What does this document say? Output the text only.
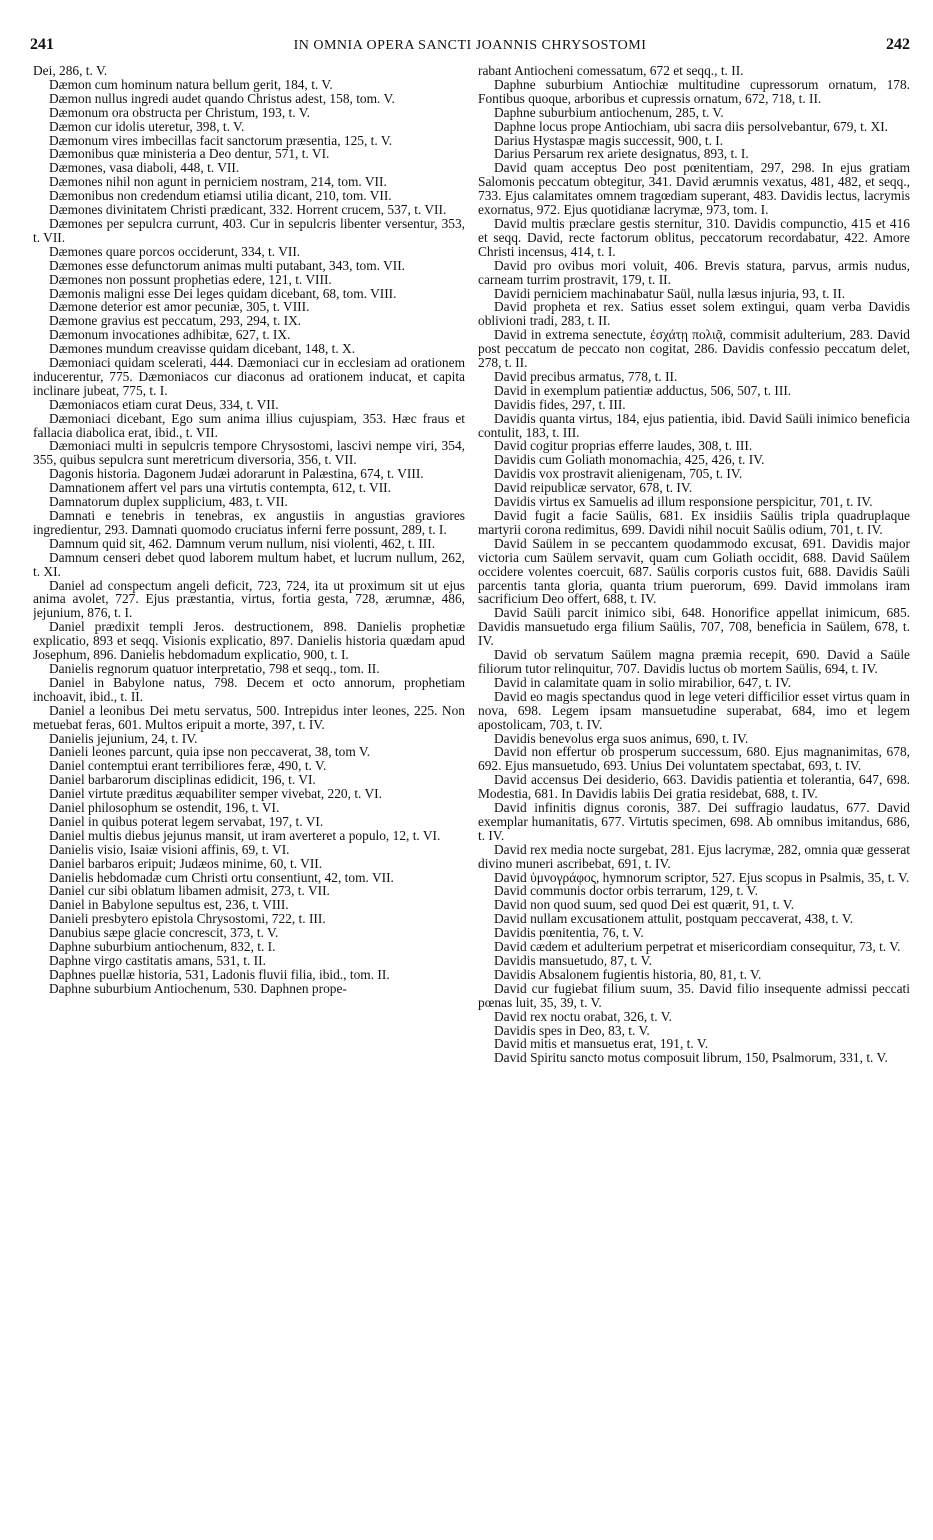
241	IN OMNIA OPERA SANCTI JOANNIS CHRYSOSTOMI	242

Dei, 286, t. V.

Dæmon cum hominum natura bellum gerit, 184, t. V.

Dæmon nullus ingredi audet quando Christus adest, 158, tom. V.

Dæmonum ora obstructa per Christum, 193, t. V.

Dæmon cur idolis uteretur, 398, t. V.

Dæmonum vires imbecillas facit sanctorum præsentia, 125, t. V.

Dæmonibus quæ ministeria a Deo dentur, 571, t. VI.

Dæmones, vasa diaboli, 448, t. VII.

Dæmones nihil non agunt in perniciem nostram, 214, tom. VII.

Dæmonibus non credendum etiamsi utilia dicant, 210, tom. VII.

Dæmones divinitatem Christi prædicant, 332. Horrent crucem, 537, t. VII.

Dæmones per sepulcra currunt, 403. Cur in sepulcris libenter versentur, 353, t. VII.

Dæmones quare porcos occiderunt, 334, t. VII.

Dæmones esse defunctorum animas multi putabant, 343, tom. VII.

Dæmones non possunt prophetias edere, 121, t. VIII.

Dæmonis maligni esse Dei leges quidam dicebant, 68, tom. VIII.

Dæmone deterior est amor pecuniæ, 305, t. VIII.

Dæmone gravius est peccatum, 293, 294, t. IX.

Dæmonum invocationes adhibitæ, 627, t. IX.

Dæmones mundum creavisse quidam dicebant, 148, t. X.

Dæmoniaci quidam scelerati, 444. Dæmoniaci cur in ecclesiam ad orationem inducerentur, 775. Dæmoniacos cur diaconus ad orationem inducat, et capita inclinare jubeat, 775, t. I.

Dæmoniacos etiam curat Deus, 334, t. VII.

Dæmoniaci dicebant, Ego sum anima illius cujuspiam, 353. Hæc fraus et fallacia diabolica erat, ibid., t. VII.

Dæmoniaci multi in sepulcris tempore Chrysostomi, lascivi nempe viri, 354, 355, quibus sepulcra sunt meretricum diversoria, 356, t. VII.

Dagonis historia. Dagonem Judæi adorarunt in Palæstina, 674, t. VIII.

Damnationem affert vel pars una virtutis contempta, 612, t. VII.

Damnatorum duplex supplicium, 483, t. VII.

Damnati e tenebris in tenebras, ex angustiis in angustias graviores ingredientur, 293. Damnati quomodo cruciatus inferni ferre possunt, 289, t. I.

Damnum quid sit, 462. Damnum verum nullum, nisi violenti, 462, t. III.

Damnum censeri debet quod laborem multum habet, et lucrum nullum, 262, t. XI.

Daniel ad conspectum angeli deficit, 723, 724, ita ut proximum sit ut ejus anima avolet, 727. Ejus præstantia, virtus, fortia gesta, 728, ærumnæ, 486, jejunium, 876, t. I.

Daniel prædixit templi Jeros. destructionem, 898. Danielis prophetiæ explicatio, 893 et seqq. Visionis explicatio, 897. Danielis historia quædam apud Josephum, 896. Danielis hebdomadum explicatio, 900, t. I.

Danielis regnorum quatuor interpretatio, 798 et seqq., tom. II.

Daniel in Babylone natus, 798. Decem et octo annorum, prophetiam inchoavit, ibid., t. II.

Daniel a leonibus Dei metu servatus, 500. Intrepidus inter leones, 225. Non metuebat feras, 601. Multos eripuit a morte, 397, t. IV.

Danielis jejunium, 24, t. IV.

Danieli leones parcunt, quia ipse non peccaverat, 38, tom V.

Daniel contemptui erant terribiliores feræ, 490, t. V.

Daniel barbarorum disciplinas edidicit, 196, t. VI.

Daniel virtute præditus æquabiliter semper vivebat, 220, t. VI.

Daniel philosophum se ostendit, 196, t. VI.

Daniel in quibus poterat legem servabat, 197, t. VI.

Daniel multis diebus jejunus mansit, ut iram averteret a populo, 12, t. VI.

Danielis visio, Isaiæ visioni affinis, 69, t. VI.

Daniel barbaros eripuit; Judæos minime, 60, t. VII.

Danielis hebdomadæ cum Christi ortu consentiunt, 42, tom. VII.

Daniel cur sibi oblatum libamen admisit, 273, t. VII.

Daniel in Babylone sepultus est, 236, t. VIII.

Danieli presbytero epistola Chrysostomi, 722, t. III.

Danubius sæpe glacie concrescit, 373, t. V.

Daphne suburbium antiochenum, 832, t. I.

Daphne virgo castitatis amans, 531, t. II.

Daphnes puellæ historia, 531, Ladonis fluvii filia, ibid., tom. II.

Daphne suburbium Antiochenum, 530. Daphnen prope-

rabant Antiocheni comessatum, 672 et seqq., t. II.

Daphne suburbium Antiochiæ multitudine cupressorum ornatum, 178. Fontibus quoque, arboribus et cupressis ornatum, 672, 718, t. II.

Daphne suburbium antiochenum, 285, t. V.

Daphne locus prope Antiochiam, ubi sacra diis persolvebantur, 679, t. XI.

Darius Hystaspæ magis successit, 900, t. I.

Darius Persarum rex ariete designatus, 893, t. I.

David quam acceptus Deo post pœnitentiam, 297, 298. In ejus gratiam Salomonis peccatum obtegitur, 341. David ærumnis vexatus, 481, 482, et seqq., 733. Ejus calamitates omnem tragœdiam superant, 483. Davidis lectus, lacrymis exornatus, 972. Ejus quotidianæ lacrymæ, 973, tom. I.

David multis præclare gestis sternitur, 310. Davidis compunctio, 415 et 416 et seqq. David, recte factorum oblitus, peccatorum recordabatur, 422. Amore Christi incensus, 414, t. I.

David pro ovibus mori voluit, 406. Brevis statura, parvus, armis nudus, carneam turrim prostravit, 179, t. II.

Davidi perniciem machinabatur Saül, nulla læsus injuria, 93, t. II.

David propheta et rex. Satius esset solem extingui, quam verba Davidis oblivioni tradi, 283, t. II.

David in extrema senectute, ἐσχάτῃ πολιᾷ, commisit adulterium, 283. David post peccatum de peccato non cogitat, 286. Davidis confessio peccatum delet, 278, t. II.

David precibus armatus, 778, t. II.

David in exemplum patientiæ adductus, 506, 507, t. III.

Davidis fides, 297, t. III.

Davidis quanta virtus, 184, ejus patientia, ibid. David Saüli inimico beneficia contulit, 183, t. III.

David cogitur proprias efferre laudes, 308, t. III.

Davidis cum Goliath monomachia, 425, 426, t. IV.

Davidis vox prostravit alienigenam, 705, t. IV.

David reipublicæ servator, 678, t. IV.

Davidis virtus ex Samuelis ad illum responsione perspicitur, 701, t. IV.

David fugit a facie Saülis, 681. Ex insidiis Saülis tripla quadruplaque martyrii corona redimitus, 699. Davidi nihil nocuit Saülis odium, 701, t. IV.

David Saülem in se peccantem quodammodo excusat, 691. Davidis major victoria cum Saülem servavit, quam cum Goliath occidit, 688. David Saülem occidere volentes coercuit, 687. Saülis corporis custos fuit, 688. Davidis Saüli parcentis tanta gloria, quanta trium puerorum, 699. David immolans iram sacrificium Deo offert, 688, t. IV.

David Saüli parcit inimico sibi, 648. Honorifice appellat inimicum, 685. Davidis mansuetudo erga filium Saülis, 707, 708, beneficia in Saülem, 678, t. IV.

David ob servatum Saülem magna præmia recepit, 690. David a Saüle filiorum tutor relinquitur, 707. Davidis luctus ob mortem Saülis, 694, t. IV.

David in calamitate quam in solio mirabilior, 647, t. IV.

David eo magis spectandus quod in lege veteri difficilior esset virtus quam in nova, 698. Legem ipsam mansuetudine superabat, 684, imo et legem apostolicam, 703, t. IV.

Davidis benevolus erga suos animus, 690, t. IV.

David non effertur ob prosperum successum, 680. Ejus magnanimitas, 678, 692. Ejus mansuetudo, 693. Unius Dei voluntatem spectabat, 693, t. IV.

David accensus Dei desiderio, 663. Davidis patientia et tolerantia, 647, 698. Modestia, 681. In Davidis labiis Dei gratia residebat, 688, t. IV.

David infinitis dignus coronis, 387. Dei suffragio laudatus, 677. David exemplar humanitatis, 677. Virtutis specimen, 698. Ab omnibus imitandus, 686, t. IV.

David rex media nocte surgebat, 281. Ejus lacrymæ, 282, omnia quæ gesserat divino muneri ascribebat, 691, t. IV.

David ὑμνογράφος, hymnorum scriptor, 527. Ejus scopus in Psalmis, 35, t. V.

David communis doctor orbis terrarum, 129, t. V.

David non quod suum, sed quod Dei est quærit, 91, t. V.

David nullam excusationem attulit, postquam peccaverat, 438, t. V.

Davidis pœnitentia, 76, t. V.

David cædem et adulterium perpetrat et misericordiam consequitur, 73, t. V.

Davidis mansuetudo, 87, t. V.

Davidis Absalonem fugientis historia, 80, 81, t. V.

David cur fugiebat filium suum, 35. David filio insequente admissi peccati pœnas luit, 35, 39, t. V.

David rex noctu orabat, 326, t. V.

Davidis spes in Deo, 83, t. V.

David mitis et mansuetus erat, 191, t. V.

David Spiritu sancto motus composuit librum, 150, Psalmorum, 331, t. V.
